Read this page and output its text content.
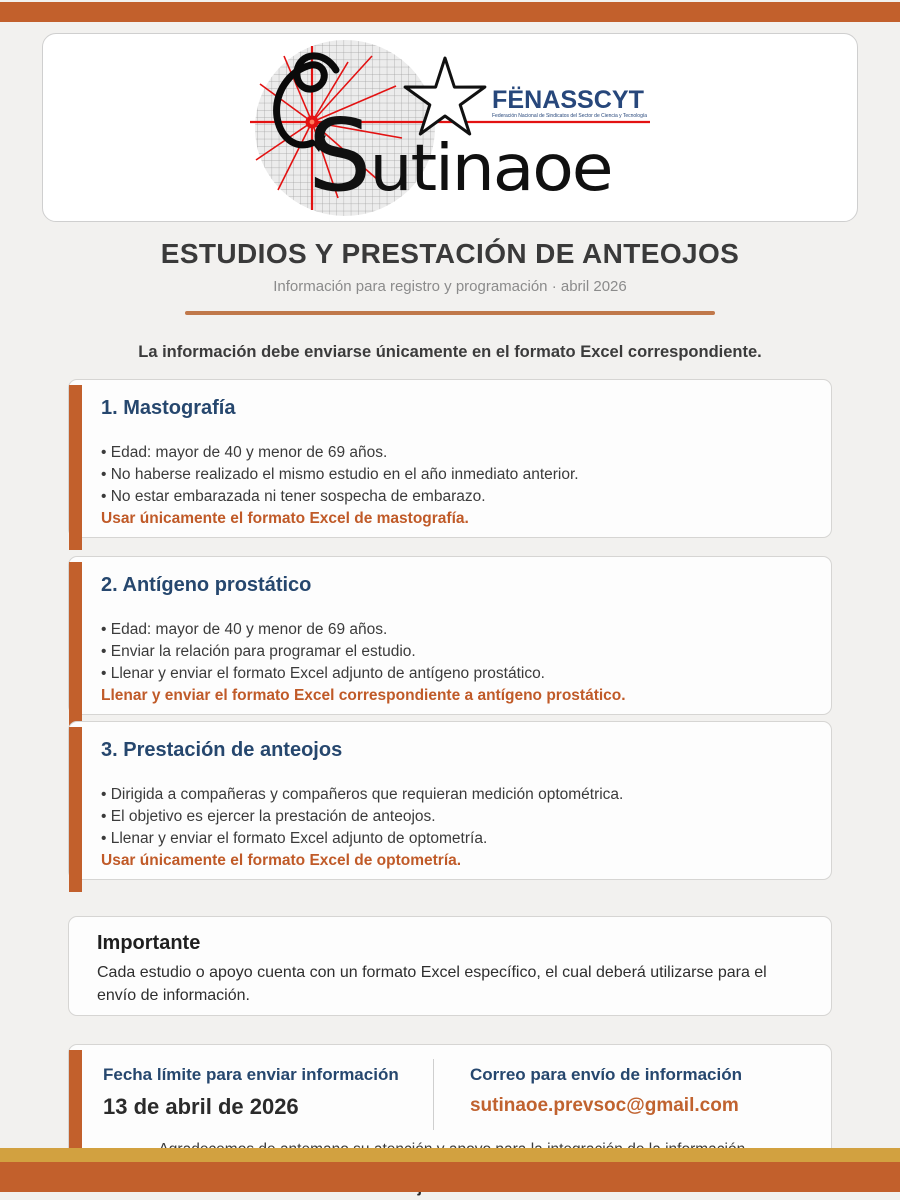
Sutinaoe
FËNASSCYT
Federación Nacional de Sindicatos del Sector de Ciencia y Tecnología
ESTUDIOS Y PRESTACIÓN DE ANTEOJOS
Información para registro y programación · abril 2026
La información debe enviarse únicamente en el formato Excel correspondiente.
1. Mastografía
• Edad: mayor de 40 y menor de 69 años.
• No haberse realizado el mismo estudio en el año inmediato anterior.
• No estar embarazada ni tener sospecha de embarazo.
Usar únicamente el formato Excel de mastografía.
2. Antígeno prostático
• Edad: mayor de 40 y menor de 69 años.
• Enviar la relación para programar el estudio.
• Llenar y enviar el formato Excel adjunto de antígeno prostático.
Llenar y enviar el formato Excel correspondiente a antígeno prostático.
3. Prestación de anteojos
• Dirigida a compañeras y compañeros que requieran medición optométrica.
• El objetivo es ejercer la prestación de anteojos.
• Llenar y enviar el formato Excel adjunto de optometría.
Usar únicamente el formato Excel de optometría.
Importante
Cada estudio o apoyo cuenta con un formato Excel específico, el cual deberá utilizarse para el envío de información.
Fecha límite para enviar información
13 de abril de 2026
Correo para envío de información
sutinaoe.prevsoc@gmail.com
